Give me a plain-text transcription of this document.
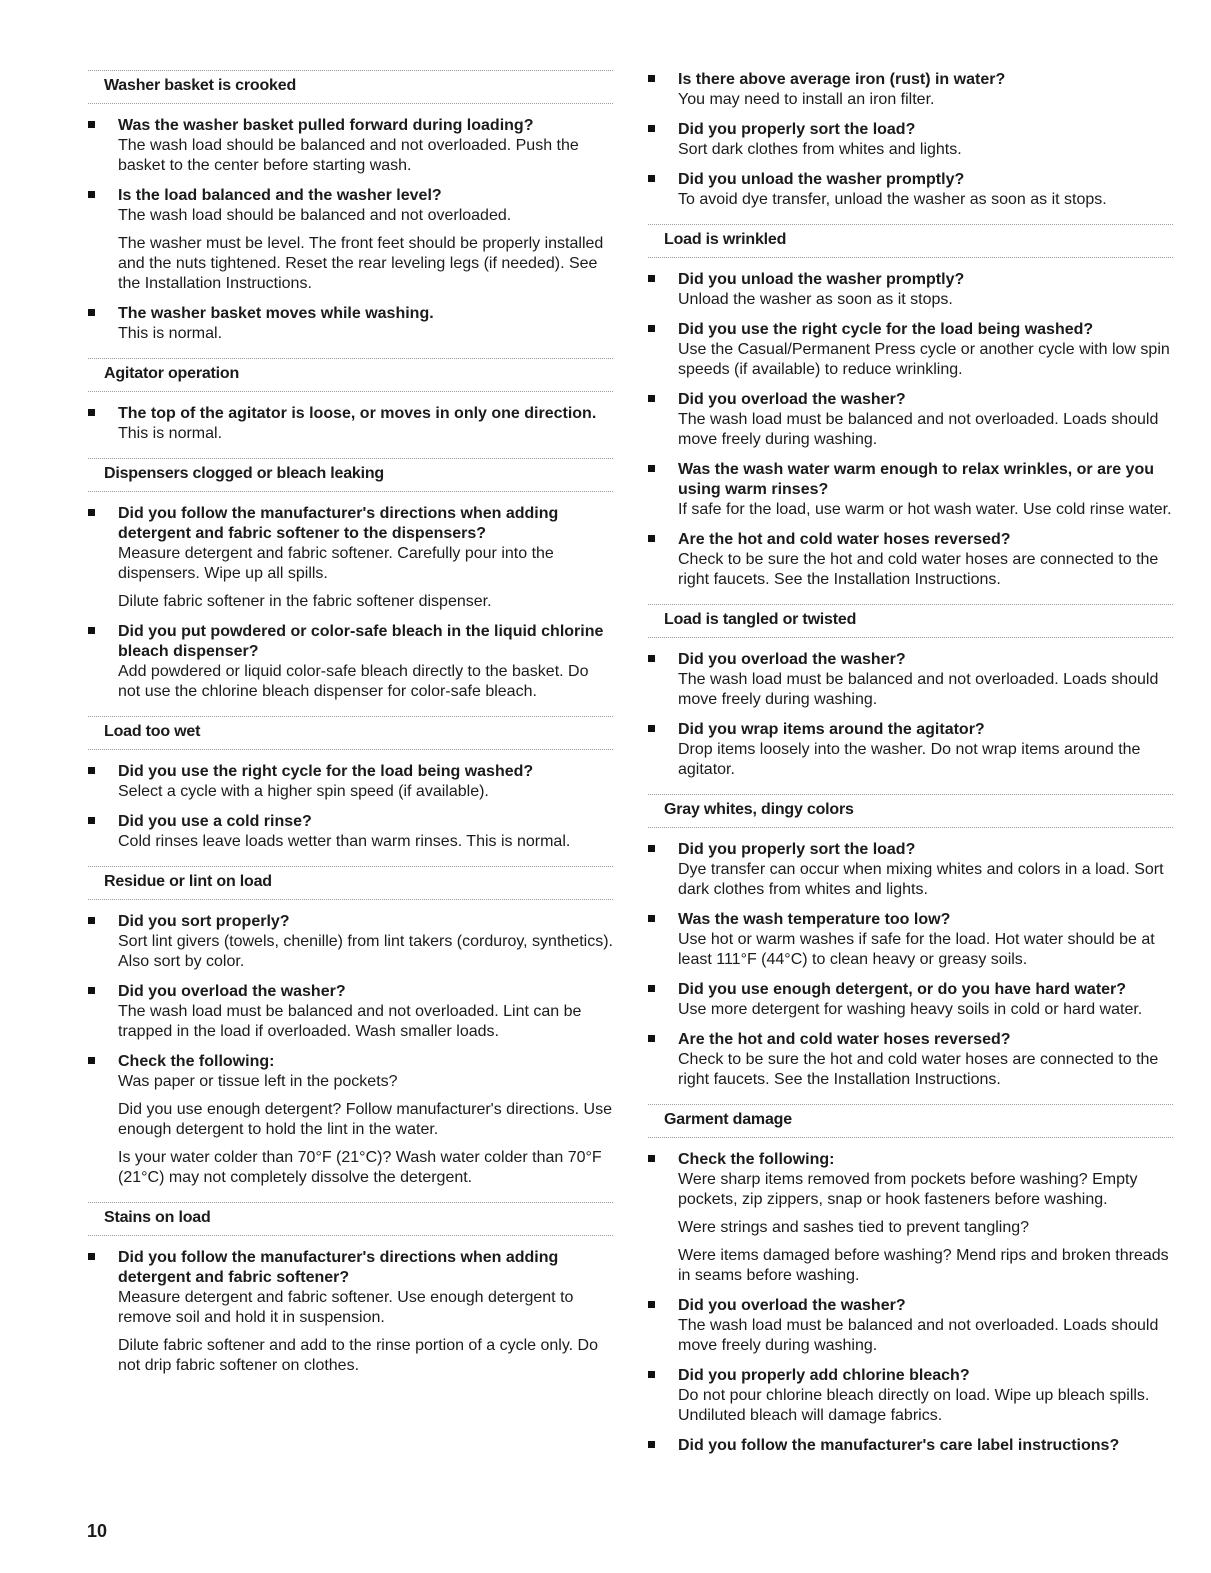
Washer basket is crooked
Was the washer basket pulled forward during loading?
The wash load should be balanced and not overloaded. Push the basket to the center before starting wash.
Is the load balanced and the washer level?
The wash load should be balanced and not overloaded.
The washer must be level. The front feet should be properly installed and the nuts tightened. Reset the rear leveling legs (if needed). See the Installation Instructions.
The washer basket moves while washing.
This is normal.
Agitator operation
The top of the agitator is loose, or moves in only one direction.
This is normal.
Dispensers clogged or bleach leaking
Did you follow the manufacturer's directions when adding detergent and fabric softener to the dispensers?
Measure detergent and fabric softener. Carefully pour into the dispensers. Wipe up all spills.
Dilute fabric softener in the fabric softener dispenser.
Did you put powdered or color-safe bleach in the liquid chlorine bleach dispenser?
Add powdered or liquid color-safe bleach directly to the basket. Do not use the chlorine bleach dispenser for color-safe bleach.
Load too wet
Did you use the right cycle for the load being washed?
Select a cycle with a higher spin speed (if available).
Did you use a cold rinse?
Cold rinses leave loads wetter than warm rinses. This is normal.
Residue or lint on load
Did you sort properly?
Sort lint givers (towels, chenille) from lint takers (corduroy, synthetics). Also sort by color.
Did you overload the washer?
The wash load must be balanced and not overloaded. Lint can be trapped in the load if overloaded. Wash smaller loads.
Check the following:
Was paper or tissue left in the pockets?
Did you use enough detergent? Follow manufacturer's directions. Use enough detergent to hold the lint in the water.
Is your water colder than 70°F (21°C)? Wash water colder than 70°F (21°C) may not completely dissolve the detergent.
Stains on load
Did you follow the manufacturer's directions when adding detergent and fabric softener?
Measure detergent and fabric softener. Use enough detergent to remove soil and hold it in suspension.
Dilute fabric softener and add to the rinse portion of a cycle only. Do not drip fabric softener on clothes.
Is there above average iron (rust) in water?
You may need to install an iron filter.
Did you properly sort the load?
Sort dark clothes from whites and lights.
Did you unload the washer promptly?
To avoid dye transfer, unload the washer as soon as it stops.
Load is wrinkled
Did you unload the washer promptly?
Unload the washer as soon as it stops.
Did you use the right cycle for the load being washed?
Use the Casual/Permanent Press cycle or another cycle with low spin speeds (if available) to reduce wrinkling.
Did you overload the washer?
The wash load must be balanced and not overloaded. Loads should move freely during washing.
Was the wash water warm enough to relax wrinkles, or are you using warm rinses?
If safe for the load, use warm or hot wash water. Use cold rinse water.
Are the hot and cold water hoses reversed?
Check to be sure the hot and cold water hoses are connected to the right faucets. See the Installation Instructions.
Load is tangled or twisted
Did you overload the washer?
The wash load must be balanced and not overloaded. Loads should move freely during washing.
Did you wrap items around the agitator?
Drop items loosely into the washer. Do not wrap items around the agitator.
Gray whites, dingy colors
Did you properly sort the load?
Dye transfer can occur when mixing whites and colors in a load. Sort dark clothes from whites and lights.
Was the wash temperature too low?
Use hot or warm washes if safe for the load. Hot water should be at least 111°F (44°C) to clean heavy or greasy soils.
Did you use enough detergent, or do you have hard water?
Use more detergent for washing heavy soils in cold or hard water.
Are the hot and cold water hoses reversed?
Check to be sure the hot and cold water hoses are connected to the right faucets. See the Installation Instructions.
Garment damage
Check the following:
Were sharp items removed from pockets before washing? Empty pockets, zip zippers, snap or hook fasteners before washing.
Were strings and sashes tied to prevent tangling?
Were items damaged before washing? Mend rips and broken threads in seams before washing.
Did you overload the washer?
The wash load must be balanced and not overloaded. Loads should move freely during washing.
Did you properly add chlorine bleach?
Do not pour chlorine bleach directly on load. Wipe up bleach spills. Undiluted bleach will damage fabrics.
Did you follow the manufacturer's care label instructions?
10
